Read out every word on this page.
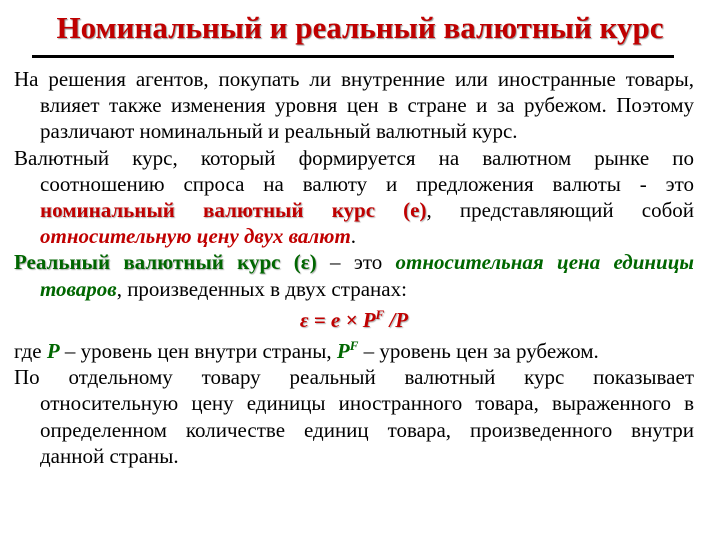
Номинальный и реальный валютный курс

На решения агентов, покупать ли внутренние или иностранные товары, влияет также изменения уровня цен в стране и за рубежом. Поэтому различают номинальный и реальный валютный курс.

Валютный курс, который формируется на валютном рынке по соотношению спроса на валюту и предложения валюты - это номинальный валютный курс (е), представляющий собой относительную цену двух валют.

Реальный валютный курс (ε) – это относительная цена единицы товаров, произведенных в двух странах:

$\varepsilon = е \times P^F$ /P

где P – уровень цен внутри страны, $P^F$ – уровень цен за рубежом.

По отдельному товару реальный валютный курс показывает относительную цену единицы иностранного товара, выраженного в определенном количестве единиц товара, произведенного внутри данной страны.
